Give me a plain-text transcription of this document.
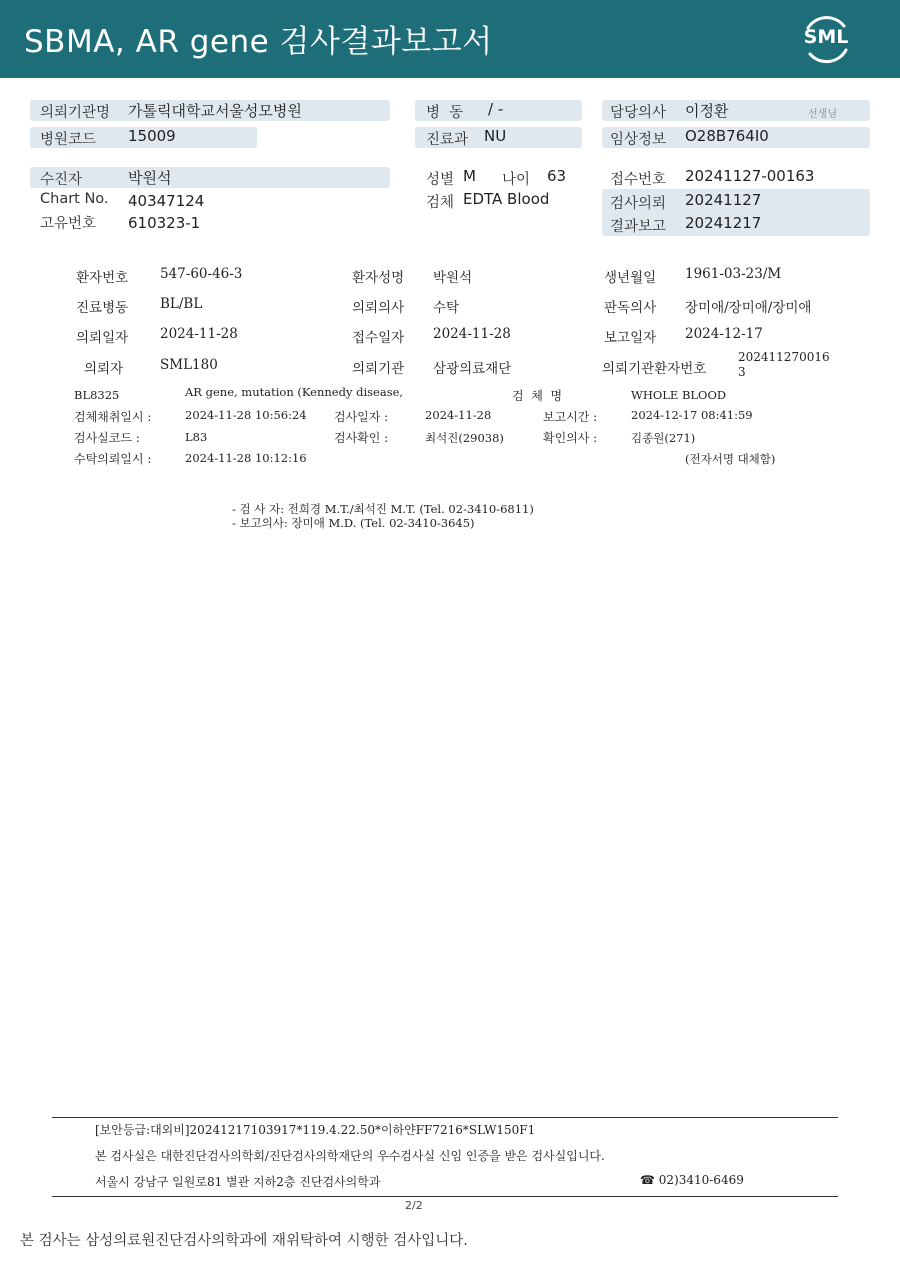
SBMA, AR gene 검사결과보고서	SML
의뢰기관명 가톨릭대학교서울성모병원	병  동 / -	담당의사 이정환	선생님
병원코드 15009	진료과 NU	임상정보 O28B764I0
수진자	박원석	성별 M 나이 63	접수번호 20241127-00163
Chart No. 40347124	검체 EDTA Blood	검사의뢰 20241127
고유번호 610323-1	결과보고 20241217
환자번호 547-60-46-3	환자성명 박원석	생년월일 1961-03-23/M
진료병동 BL/BL	의뢰의사 수탁	판독의사 장미애/장미애/장미애
의뢰일자 2024-11-28	접수일자 2024-11-28	보고일자 2024-12-17
의뢰자	SML180	의뢰기관 삼광의료재단	의뢰기관환자번호
202411270016
3
BL8325	AR gene, mutation (Kennedy disease,	검  체  명	WHOLE BLOOD
검체채취일시 :	2024-11-28 10:56:24 검사일자 :	2024-11-28	보고시간 :	2024-12-17 08:41:59
검사실코드 :	L83	검사확인 :	최석진(29038)	확인의사 :	김종원(271)
수탁의뢰일시 :	2024-11-28 10:12:16	(전자서명 대체함)
- 검 사 자: 전희경 M.T./최석진 M.T. (Tel. 02-3410-6811)
- 보고의사: 장미애 M.D. (Tel. 02-3410-3645)
[보안등급:대외비]20241217103917*119.4.22.50*이하얀FF7216*SLW150F1
본 검사실은 대한진단검사의학회/진단검사의학재단의 우수검사실 신임 인증을 받은 검사실입니다.
서울시 강남구 일원로81 별관 지하2층 진단검사의학과	☎ 02)3410-6469
2/2
본 검사는 삼성의료원진단검사의학과에 재위탁하여 시행한 검사입니다.
